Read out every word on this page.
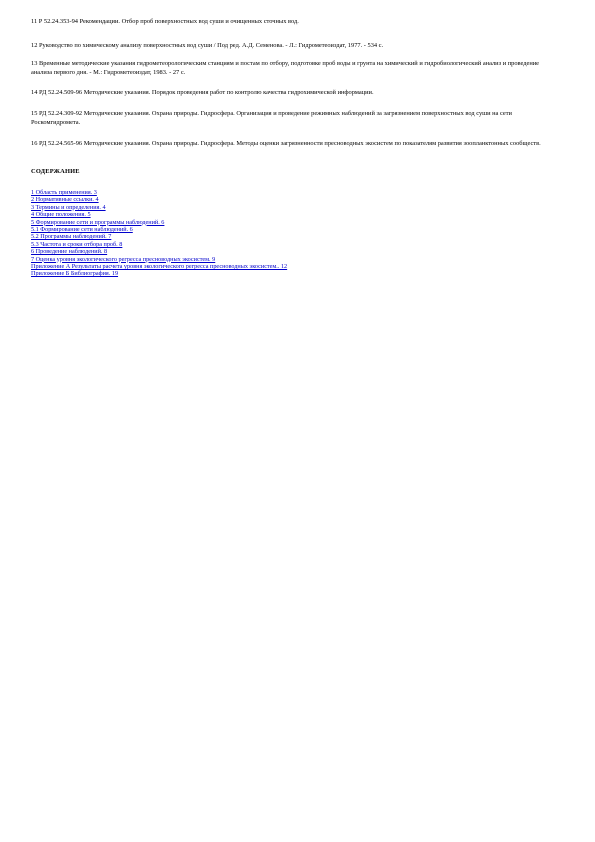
11 Р 52.24.353-94 Рекомендации. Отбор проб поверхностных вод суши и очищенных сточных вод.

12 Руководство по химическому анализу поверхностных вод суши / Под ред. А.Д. Семенова. - Л.: Гидрометеоиздат, 1977. - 534 с.

13 Временные методические указания гидрометеорологическим станциям и постам по отбору, подготовке проб воды и грунта на химический и гидробиологический анализ и проведение анализа первого дня. - М.: Гидрометеоиздат, 1983. - 27 с.

14 РД 52.24.509-96 Методические указания. Порядок проведения работ по контролю качества гидрохимической информации.

15 РД 52.24.309-92 Методические указания. Охрана природы. Гидросфера. Организация и проведение режимных наблюдений за загрязнением поверхностных вод суши на сети Роскомгидромета.

16 РД 52.24.565-96 Методические указания. Охрана природы. Гидросфера. Методы оценки загрязненности пресноводных экосистем по показателям развития зоопланктонных сообществ.

СОДЕРЖАНИЕ

1 Область применения. 3
2 Нормативные ссылки. 4
3 Термины и определения. 4
4 Общие положения. 5
5 Формирование сети и программы наблюдений. 6
5.1 Формирование сети наблюдений. 6
5.2 Программы наблюдений. 7
5.3 Частота и сроки отбора проб. 8
6 Проведение наблюдений. 8
7 Оценка уровня экологического регресса пресноводных экосистем. 9
Приложение А Результаты расчета уровня экологического регресса пресноводных экосистем.. 12
Приложение Б Библиография. 19
